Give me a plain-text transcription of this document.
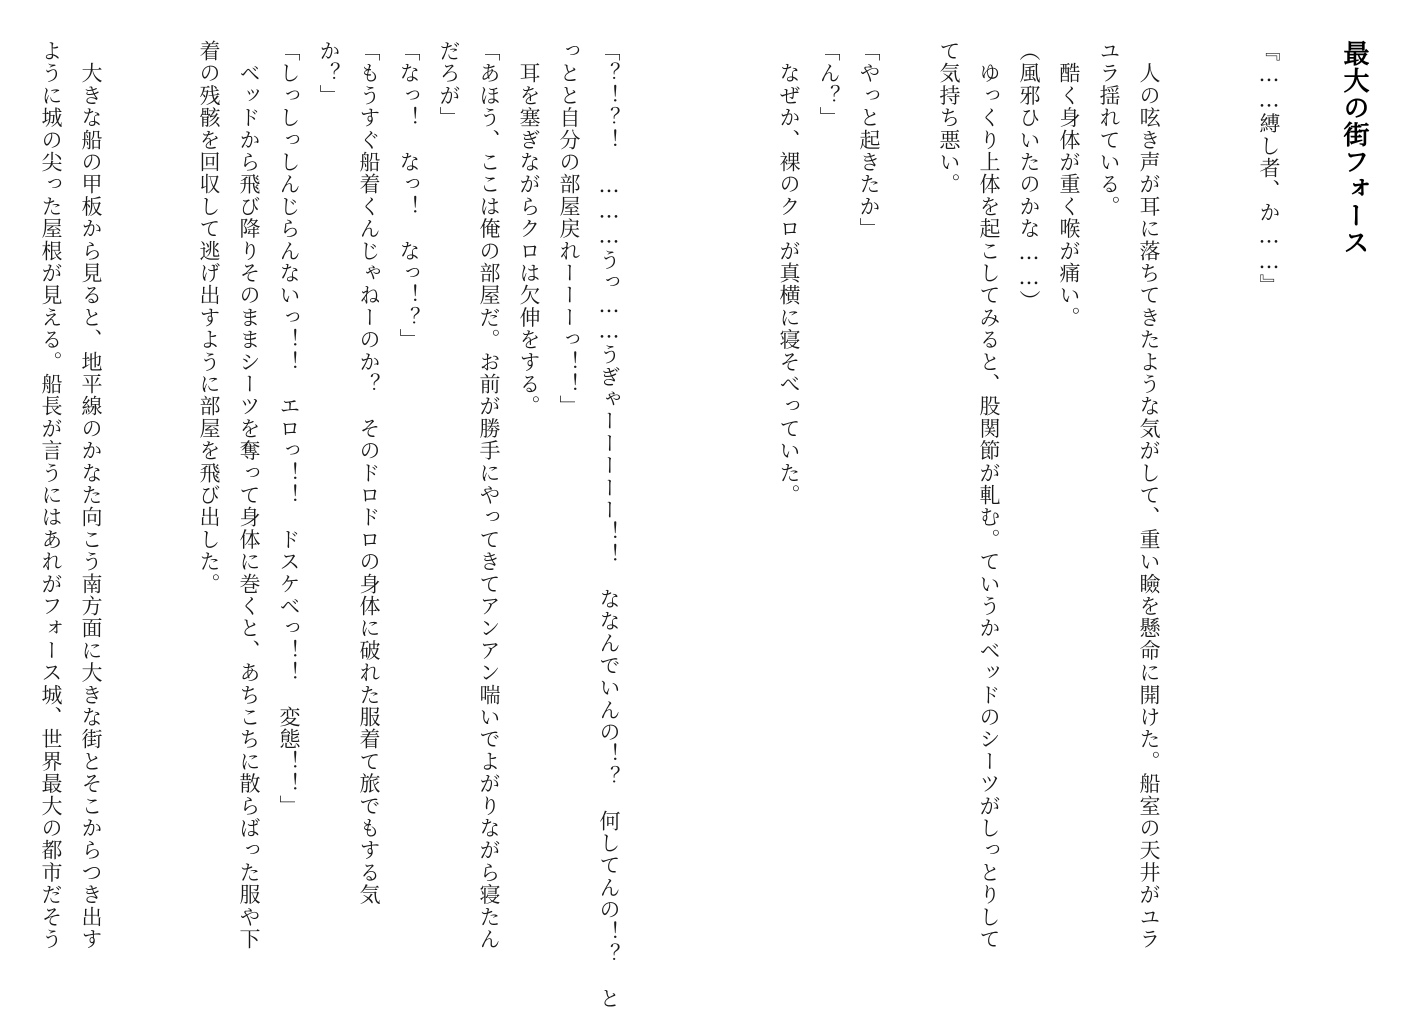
最大の街フォース
『……縛し者、か……』
　人の呟き声が耳に落ちてきたような気がして、重い瞼を懸命に開けた。船室の天井がユラ
ユラ揺れている。
　酷く身体が重く喉が痛い。
（風邪ひいたのかな……）
　ゆっくり上体を起こしてみると、股関節が軋む。ていうかベッドのシーツがしっとりして
て気持ち悪い。
「やっと起きたか」
「ん？」
　なぜか、裸のクロが真横に寝そべっていた。
「？！？！　………うっ……うぎゃーーーーー！！　ななんでいんの！？　何してんの！？　と
っとと自分の部屋戻れーーーっ！！」
　耳を塞ぎながらクロは欠伸をする。
「あほう、ここは俺の部屋だ。お前が勝手にやってきてアンアン喘いでよがりながら寝たん
だろが」
「なっ！　なっ！　なっ！？」
「もうすぐ船着くんじゃねーのか？　そのドロドロの身体に破れた服着て旅でもする気
か？」
「しっしっしんじらんないっ！！　エロっ！！　ドスケベっ！！　変態！！」
　ベッドから飛び降りそのままシーツを奪って身体に巻くと、あちこちに散らばった服や下
着の残骸を回収して逃げ出すように部屋を飛び出した。
　大きな船の甲板から見ると、地平線のかなた向こう南方面に大きな街とそこからつき出す
ように城の尖った屋根が見える。船長が言うにはあれがフォース城、世界最大の都市だそう
